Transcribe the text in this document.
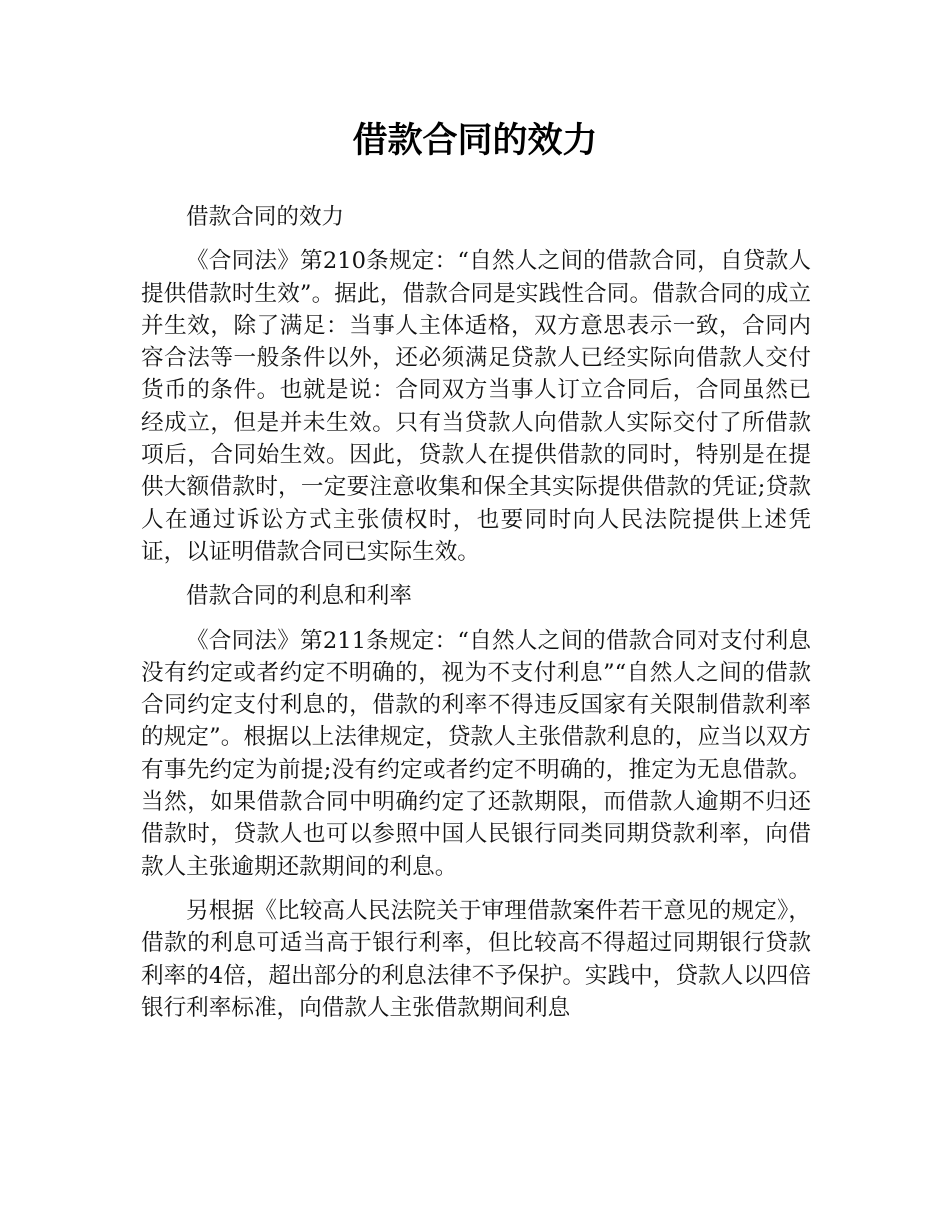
借款合同的效力

借款合同的效力

《合同法》第210条规定：“自然人之间的借款合同，自贷款人提供借款时生效”。据此，借款合同是实践性合同。借款合同的成立并生效，除了满足：当事人主体适格，双方意思表示一致，合同内容合法等一般条件以外，还必须满足贷款人已经实际向借款人交付货币的条件。也就是说：合同双方当事人订立合同后，合同虽然已经成立，但是并未生效。只有当贷款人向借款人实际交付了所借款项后，合同始生效。因此，贷款人在提供借款的同时，特别是在提供大额借款时，一定要注意收集和保全其实际提供借款的凭证;贷款人在通过诉讼方式主张债权时，也要同时向人民法院提供上述凭证，以证明借款合同已实际生效。

借款合同的利息和利率

《合同法》第211条规定：“自然人之间的借款合同对支付利息没有约定或者约定不明确的，视为不支付利息”“自然人之间的借款合同约定支付利息的，借款的利率不得违反国家有关限制借款利率的规定”。根据以上法律规定，贷款人主张借款利息的，应当以双方有事先约定为前提;没有约定或者约定不明确的，推定为无息借款。当然，如果借款合同中明确约定了还款期限，而借款人逾期不归还借款时，贷款人也可以参照中国人民银行同类同期贷款利率，向借款人主张逾期还款期间的利息。

另根据《比较高人民法院关于审理借款案件若干意见的规定》，借款的利息可适当高于银行利率，但比较高不得超过同期银行贷款利率的4倍，超出部分的利息法律不予保护。实践中，贷款人以四倍银行利率标准，向借款人主张借款期间利息
